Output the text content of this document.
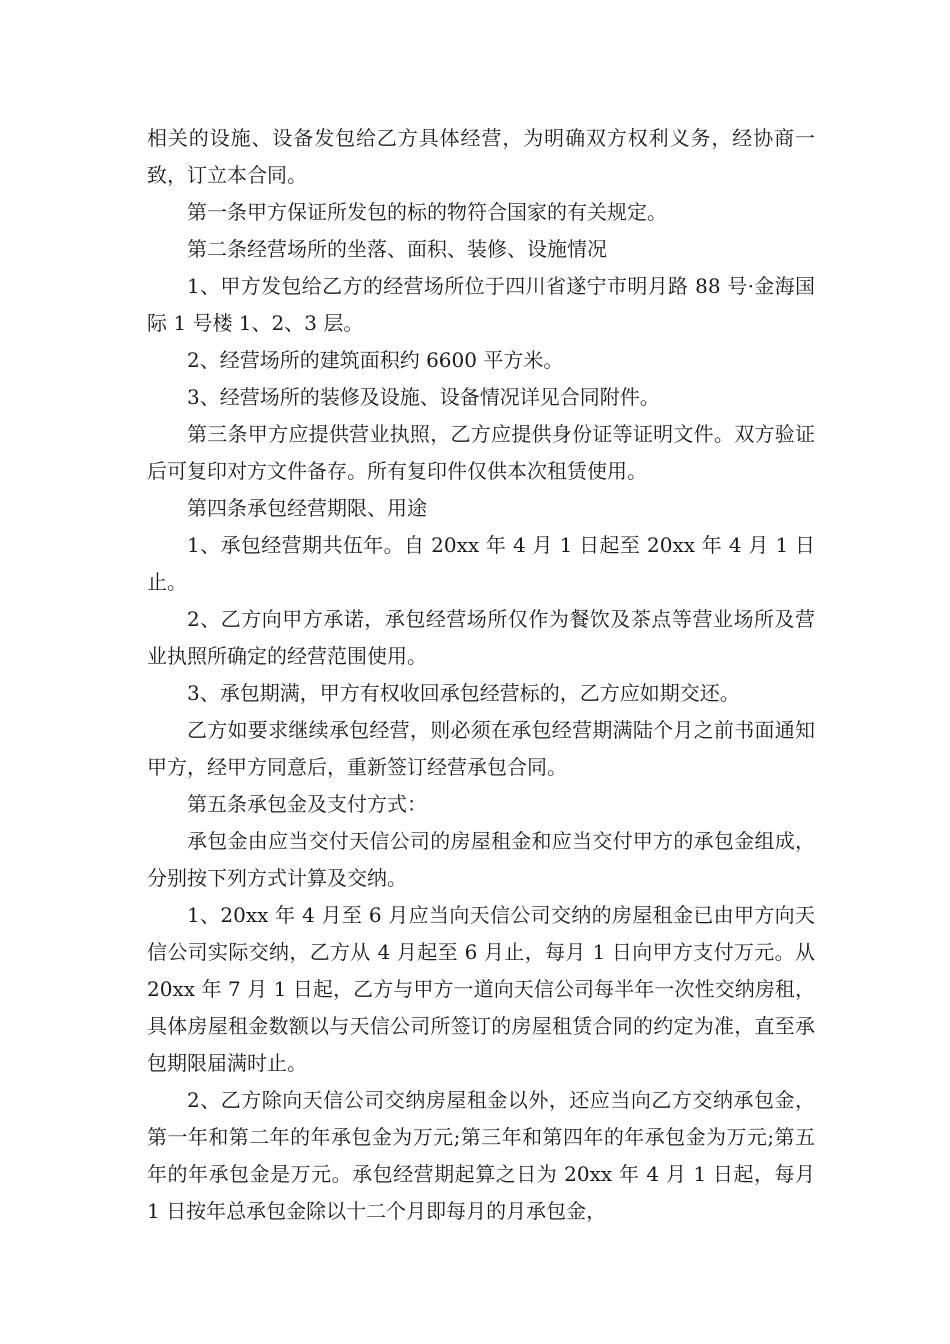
相关的设施、设备发包给乙方具体经营，为明确双方权利义务，经协商一致，订立本合同。

第一条甲方保证所发包的标的物符合国家的有关规定。

第二条经营场所的坐落、面积、装修、设施情况

1、甲方发包给乙方的经营场所位于四川省遂宁市明月路 88 号·金海国际 1 号楼 1、2、3 层。

2、经营场所的建筑面积约 6600 平方米。

3、经营场所的装修及设施、设备情况详见合同附件。

第三条甲方应提供营业执照，乙方应提供身份证等证明文件。双方验证后可复印对方文件备存。所有复印件仅供本次租赁使用。

第四条承包经营期限、用途

1、承包经营期共伍年。自 20xx 年 4 月 1 日起至 20xx 年 4 月 1 日止。

2、乙方向甲方承诺，承包经营场所仅作为餐饮及茶点等营业场所及营业执照所确定的经营范围使用。

3、承包期满，甲方有权收回承包经营标的，乙方应如期交还。

乙方如要求继续承包经营，则必须在承包经营期满陆个月之前书面通知甲方，经甲方同意后，重新签订经营承包合同。

第五条承包金及支付方式：

承包金由应当交付天信公司的房屋租金和应当交付甲方的承包金组成，分别按下列方式计算及交纳。

1、20xx 年 4 月至 6 月应当向天信公司交纳的房屋租金已由甲方向天信公司实际交纳，乙方从 4 月起至 6 月止，每月 1 日向甲方支付万元。从 20xx 年 7 月 1 日起，乙方与甲方一道向天信公司每半年一次性交纳房租，具体房屋租金数额以与天信公司所签订的房屋租赁合同的约定为准，直至承包期限届满时止。

2、乙方除向天信公司交纳房屋租金以外，还应当向乙方交纳承包金，第一年和第二年的年承包金为万元;第三年和第四年的年承包金为万元;第五年的年承包金是万元。承包经营期起算之日为 20xx 年 4 月 1 日起，每月 1 日按年总承包金除以十二个月即每月的月承包金，
